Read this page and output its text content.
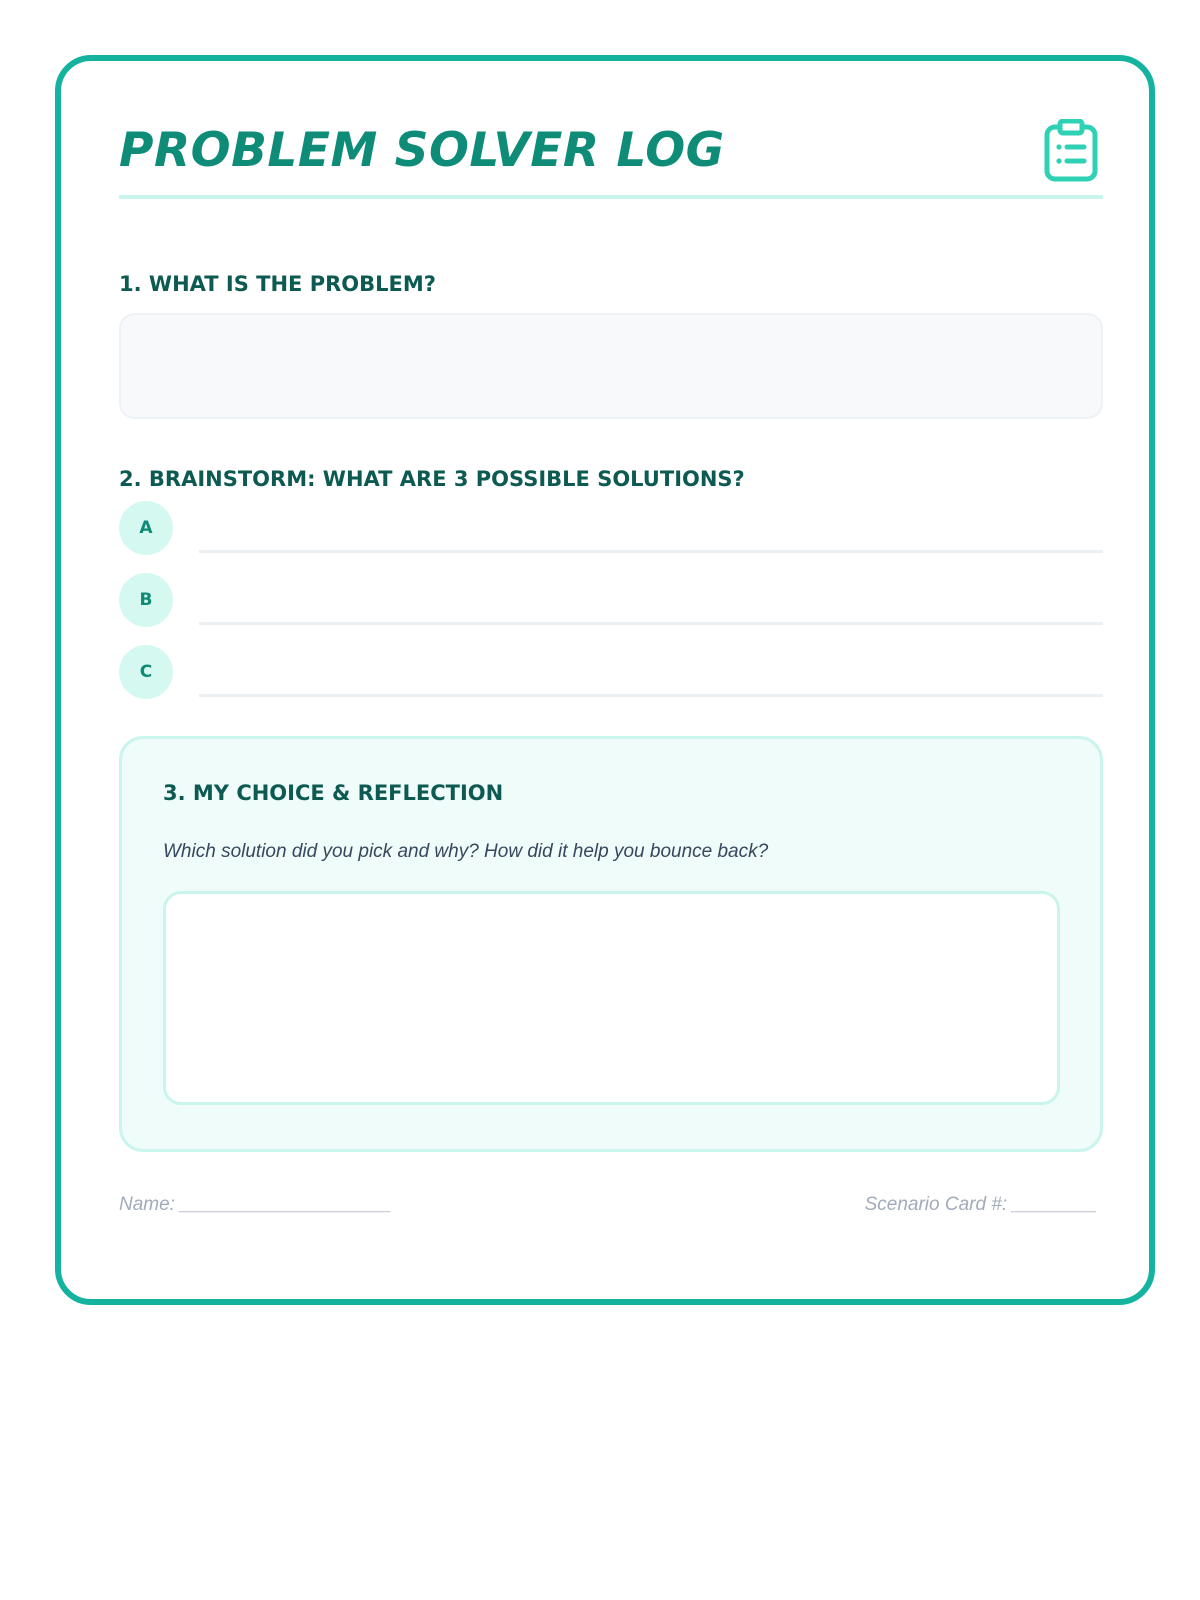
PROBLEM SOLVER LOG
1. WHAT IS THE PROBLEM?
2. BRAINSTORM: WHAT ARE 3 POSSIBLE SOLUTIONS?
A
B
C
3. MY CHOICE & REFLECTION

Which solution did you pick and why? How did it help you bounce back?

Name: ____________________	Scenario Card #: ________
